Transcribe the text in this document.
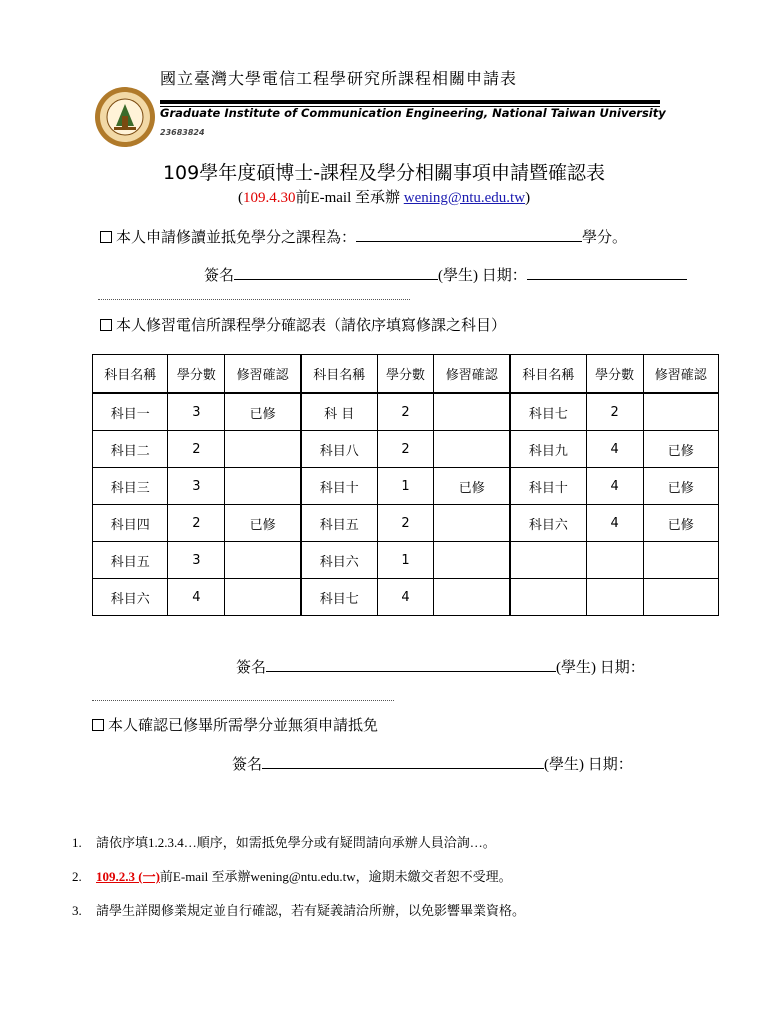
國立臺灣大學電信工程學研究所課程相關申請表
Graduate Institute of Communication Engineering, National Taiwan University
23683824
109學年度碩博士-課程及學分相關事項申請暨確認表
(109.4.30前E-mail 至承辦 wening@ntu.edu.tw)
本人申請修讀並抵免學分之課程為：	學分。
簽名	(學生) 日期：
本人修習電信所課程學分確認表（請依序填寫修課之科目）
科目名稱	學分數	修習確認	科目名稱	學分數	修習確認	科目名稱	學分數	修習確認
科目一	3	已修	科 目	2		科目七	2	
科目二	2		科目八	2		科目九	4	已修
科目三	3		科目十	1	已修	科目十	4	已修
科目四	2	已修	科目五	2		科目六	4	已修
科目五	3		科目六	1				
科目六	4		科目七	4				
簽名	(學生) 日期：
本人確認已修畢所需學分並無須申請抵免
簽名	(學生) 日期：
1. 請依序填1.2.3.4…順序，如需抵免學分或有疑問請向承辦人員洽詢…。
2. 109.2.3 (一)前E-mail 至承辦wening@ntu.edu.tw，逾期未繳交者恕不受理。
3. 請學生詳閱修業規定並自行確認，若有疑義請洽所辦，以免影響畢業資格。
